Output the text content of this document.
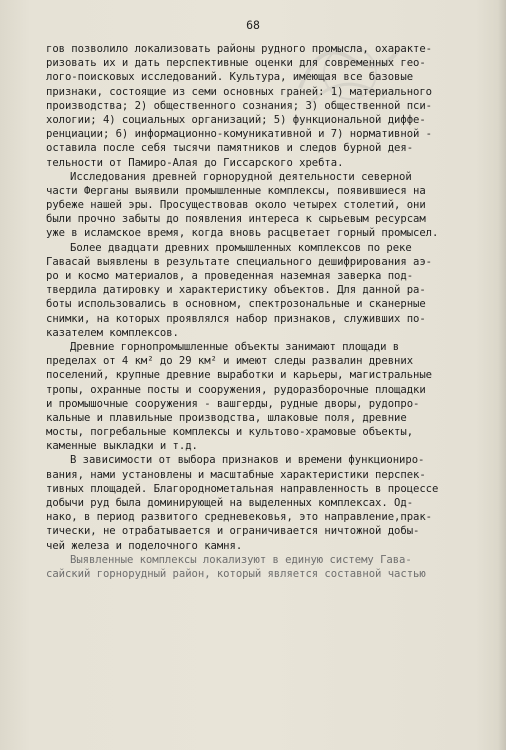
68
гов позволило локализовать районы рудного промысла, охаракте-
ризовать их и дать перспективные оценки для современных гео-
лого-поисковых исследований. Культура, имеющая все базовые
признаки, состоящие из семи основных граней: 1) материального
производства; 2) общественного сознания; 3) общественной пси-
хологии; 4) социальных организаций; 5) функциональной диффе-
ренциации; 6) информационно-комуникативной и 7) нормативной -
оставила после себя тысячи памятников и следов бурной дея-
тельности от Памиро-Алая до Гиссарского хребта.
Исследования древней горнорудной деятельности северной
части Ферганы выявили промышленные комплексы, появившиеся на
рубеже нашей эры. Просуществовав около четырех столетий, они
были прочно забыты до появления интереса к сырьевым ресурсам
уже в исламское время, когда вновь расцветает горный промысел.
Более двадцати древних промышленных комплексов по реке
Гавасай выявлены в результате специального дешифрирования аэ-
ро и космо материалов, а проведенная наземная заверка под-
твердила датировку и характеристику объектов. Для данной ра-
боты использовались в основном, спектрозональные и сканерные
снимки, на которых проявлялся набор признаков, служивших по-
казателем комплексов.
Древние горнопромышленные объекты занимают площади в
пределах от 4 км² до 29 км² и имеют следы развалин древних
поселений, крупные древние выработки и карьеры, магистральные
тропы, охранные посты и сооружения, рудоразборочные площадки
и промышочные сооружения - вашгерды, рудные дворы, рудопро-
кальные и плавильные производства, шлаковые поля, древние
мосты, погребальные комплексы и культово-храмовые объекты,
каменные выкладки и т.д.
В зависимости от выбора признаков и времени функциониро-
вания, нами установлены и масштабные характеристики перспек-
тивных площадей. Благороднометальная направленность в процессе
добычи руд была доминирующей на выделенных комплексах. Од-
нако, в период развитого средневековья, это направление,прак-
тически, не отрабатывается и ограничивается ничтожной добы-
чей железа и поделочного камня.
Выявленные комплексы локализуют в единую систему Гава-
сайский горнорудный район, который является составной частью
